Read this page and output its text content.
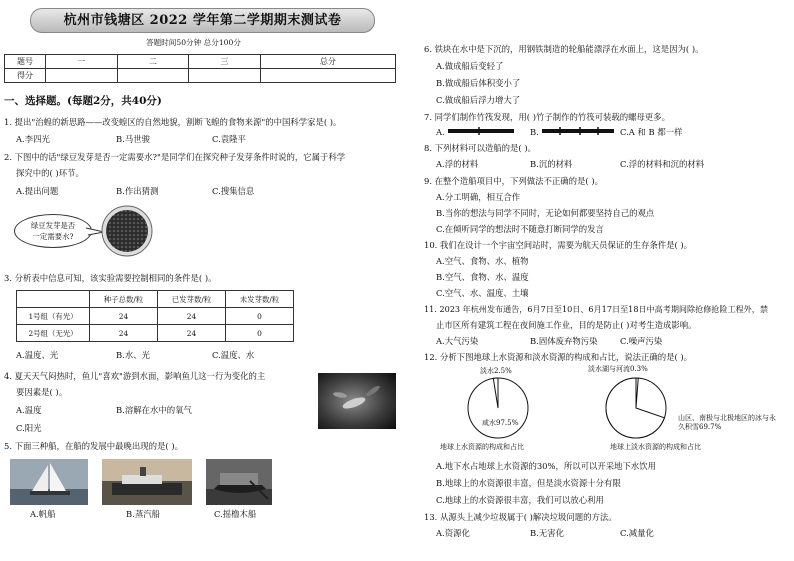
杭州市钱塘区 2022 学年第二学期期末测试卷
答题时间50分钟 总分100分
题号	一	二	三	总分
得分				
一、选择题。(每题2分，共40分)
1. 提出"治蝗的新思路——改变蝗区的自然地貌，割断飞蝗的食物来源"的中国科学家是( )。
A.李四光	B.马世骏	C.袁隆平
2. 下图中的话"绿豆发芽是否一定需要水?"是同学们在探究种子发芽条件时说的，它属于科学
探究中的( )环节。
A.提出问题	B.作出猜测	C.搜集信息
绿豆发芽是否
一定需要水?
3. 分析表中信息可知，该实验需要控制相同的条件是( )。
	种子总数/粒	已发芽数/粒	未发芽数/粒
1号组（有光）	24	24	0
2号组（无光）	24	24	0
A.温度、光	B.水、光	C.温度、水
4. 夏天天气闷热时，鱼儿"喜欢"游到水面，影响鱼儿这一行为变化的主
要因素是( )。
A.温度	B.溶解在水中的氧气
C.阳光
5. 下面三种船，在船的发展中最晚出现的是( )。
A.帆船	B.蒸汽船	C.摇橹木船
6. 铁块在水中是下沉的，用钢铁制造的轮船能漂浮在水面上，这是因为( )。
A.做成船后变轻了
B.做成船后体积变小了
C.做成船后浮力增大了
7. 同学们制作竹筏发现，用( )竹子制作的竹筏可装载的螺母更多。
A.	B.	C.A 和 B 都一样
8. 下列材料可以造船的是( )。
A.浮的材料	B.沉的材料	C.浮的材料和沉的材料
9. 在整个造船项目中，下列做法不正确的是( )。
A.分工明确，相互合作
B.当你的想法与同学不同时，无论如何都要坚持自己的观点
C.在倾听同学的想法时不随意打断同学的发言
10. 我们在设计一个宇宙空间站时，需要为航天员保证的生存条件是( )。
A.空气、食物、水、植物
B.空气、食物、水、温度
C.空气、水、温度、土壤
11. 2023 年杭州发布通告，6月7日至10日、6月17日至18日中高考期间除抢修抢险工程外，禁
止市区所有建筑工程在夜间施工作业，目的是防止( )对考生造成影响。
A.大气污染	B.固体废弃物污染	C.噪声污染
12. 分析下图地球上水资源和淡水资源的构成和占比，说法正确的是( )。
淡水2.5%
咸水97.5%
地球上水资源的构成和占比
淡水湖与河流0.3%
山区、南极与北极地区的冰与永久积雪69.7%
地球上淡水资源的构成和占比
A.地下水占地球上水资源的30%，所以可以开采地下水饮用
B.地球上的水资源很丰富，但是淡水资源十分有限
C.地球上的水资源很丰富，我们可以放心利用
13. 从源头上减少垃圾属于( )解决垃圾问题的方法。
A.资源化	B.无害化	C.减量化
